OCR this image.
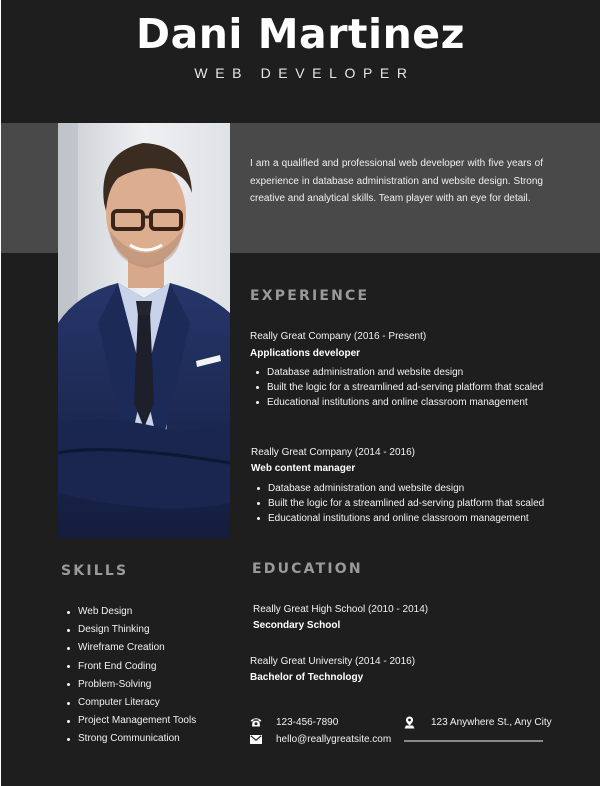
Dani Martinez
WEB DEVELOPER
I am a qualified and professional web developer with five years of experience in database administration and website design. Strong creative and analytical skills. Team player with an eye for detail.
EXPERIENCE
Really Great Company (2016 - Present)
Applications developer
Database administration and website design
Built the logic for a streamlined ad-serving platform that scaled
Educational institutions and online classroom management
Really Great Company (2014 - 2016)
Web content manager
Database administration and website design
Built the logic for a streamlined ad-serving platform that scaled
Educational institutions and online classroom management
SKILLS
Web Design
Design Thinking
Wireframe Creation
Front End Coding
Problem-Solving
Computer Literacy
Project Management Tools
Strong Communication
EDUCATION
Really Great High School (2010 - 2014)
Secondary School
Really Great University (2014 - 2016)
Bachelor of Technology
123-456-7890
hello@reallygreatsite.com
123 Anywhere St., Any City
